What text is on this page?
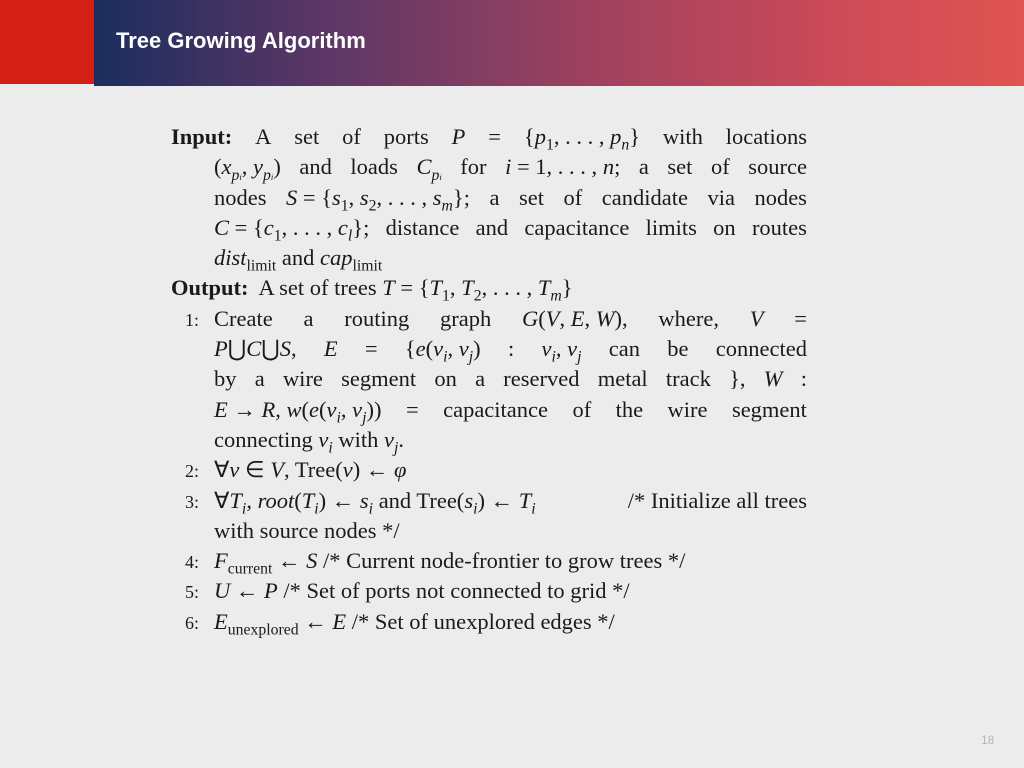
Tree Growing Algorithm
Input: A set of ports $P = \{p_1$, . . . , $p_n$} with locations
($x_{pi}$, $y_{pi}$) and loads $C_{pi}$ for i = 1, . . . , n; a set of source
nodes $S = \{s_1$, $s_2$, . . . , $s_m$}; a set of candidate via nodes
$C = \{c_1$, . . . , $c_l$}; distance and capacitance limits on routes
dist$_{limit}$ and cap$_{limit}$
Output: A set of trees $T = \{T_1$, $T_2$, . . . , $T_m$}
1: Create a routing graph G(V, E, W), where, V =
P⋃C⋃S, $E = \{e(v_i$, $v_j$) : $v_i$, $v_j$ can be connected
by a wire segment on a reserved metal track }, W :
E → R, $w(e(v_i$, $v_j$)) = capacitance of the wire segment
connecting $v_i$ with $v_j$.
2: ∀v ∈ V, Tree(v) ← φ
3: $\forall T_i$, $root(T_i)$ ← $s_i$ and $Tree(s_i)$ ← $T_i$	/* Initialize all trees
with source nodes */
4: $F_{current}$ ← S /* Current node-frontier to grow trees */
5: U ← P /* Set of ports not connected to grid */
6: $E_{unexplored}$ ← E /* Set of unexplored edges */
18
